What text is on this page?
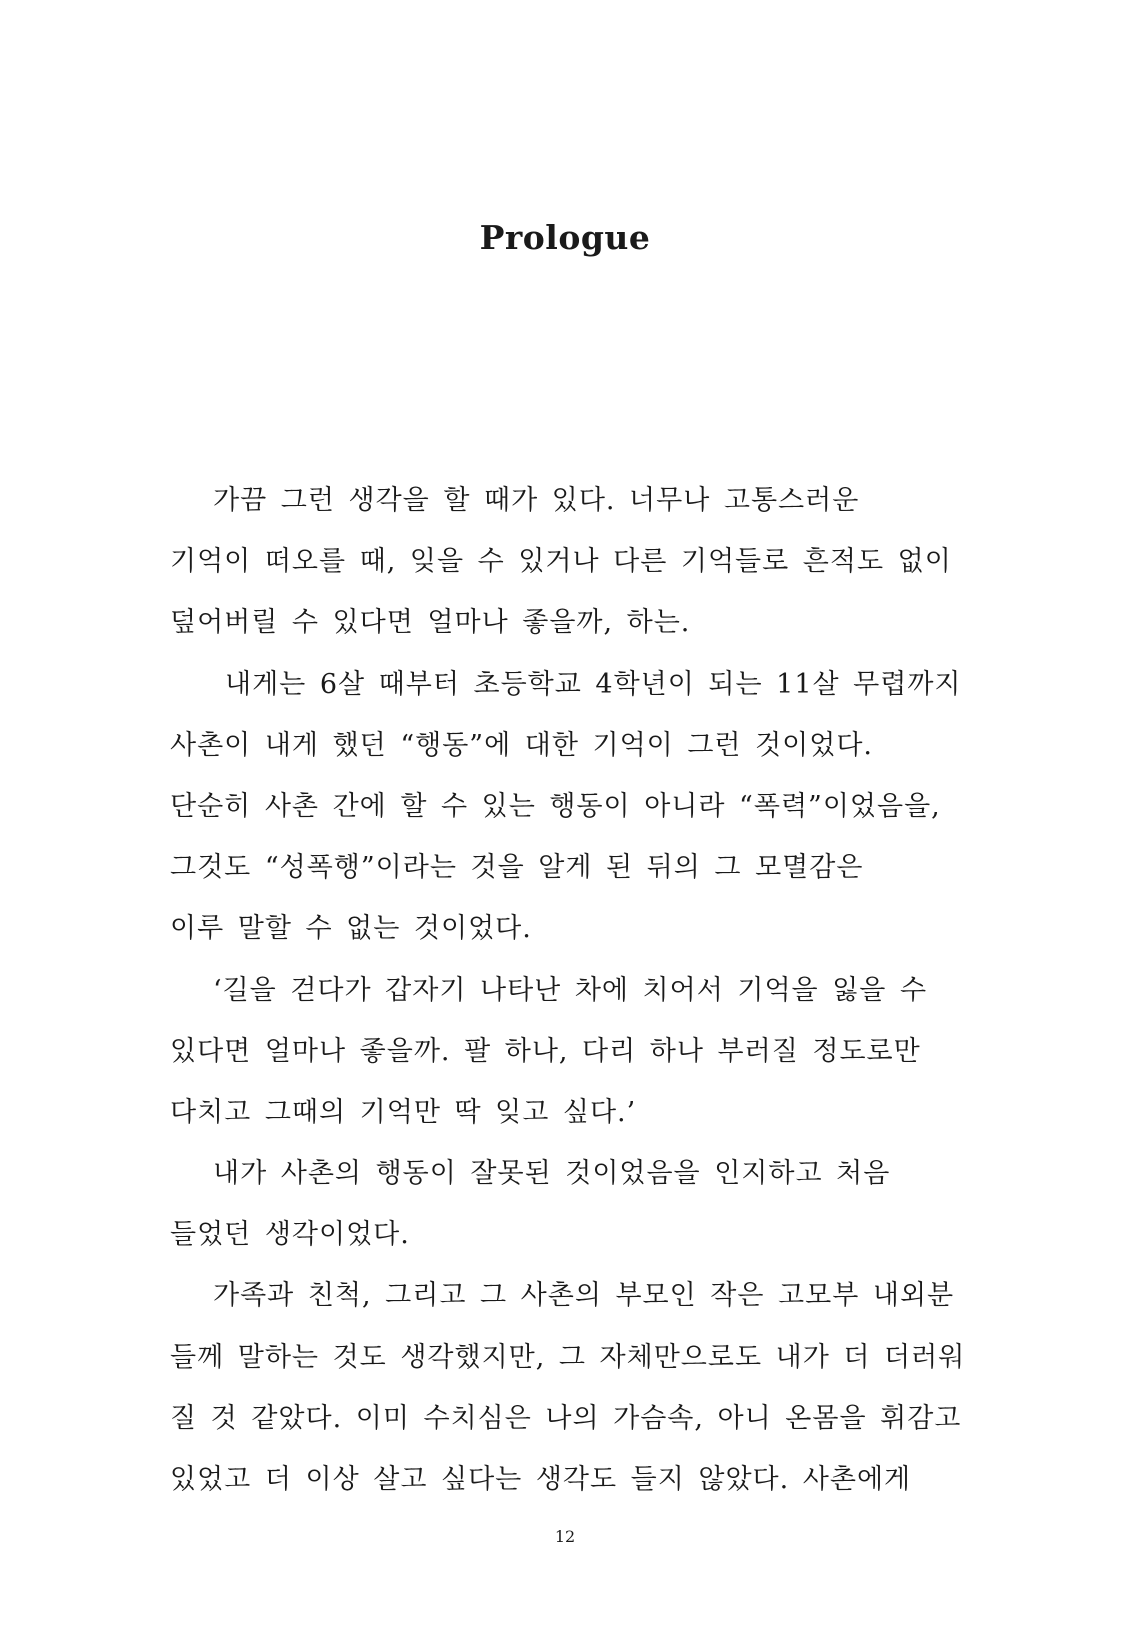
Prologue
가끔 그런 생각을 할 때가 있다. 너무나 고통스러운
기억이 떠오를 때, 잊을 수 있거나 다른 기억들로 흔적도 없이
덮어버릴 수 있다면 얼마나 좋을까, 하는.
내게는 6살 때부터 초등학교 4학년이 되는 11살 무렵까지
사촌이 내게 했던 “행동”에 대한 기억이 그런 것이었다.
단순히 사촌 간에 할 수 있는 행동이 아니라 “폭력”이었음을,
그것도 “성폭행”이라는 것을 알게 된 뒤의 그 모멸감은
이루 말할 수 없는 것이었다.
‘길을 걷다가 갑자기 나타난 차에 치어서 기억을 잃을 수
있다면 얼마나 좋을까. 팔 하나, 다리 하나 부러질 정도로만
다치고 그때의 기억만 딱 잊고 싶다.’
내가 사촌의 행동이 잘못된 것이었음을 인지하고 처음
들었던 생각이었다.
가족과 친척, 그리고 그 사촌의 부모인 작은 고모부 내외분
들께 말하는 것도 생각했지만, 그 자체만으로도 내가 더 더러워
질 것 같았다. 이미 수치심은 나의 가슴속, 아니 온몸을 휘감고
있었고 더 이상 살고 싶다는 생각도 들지 않았다. 사촌에게
12
